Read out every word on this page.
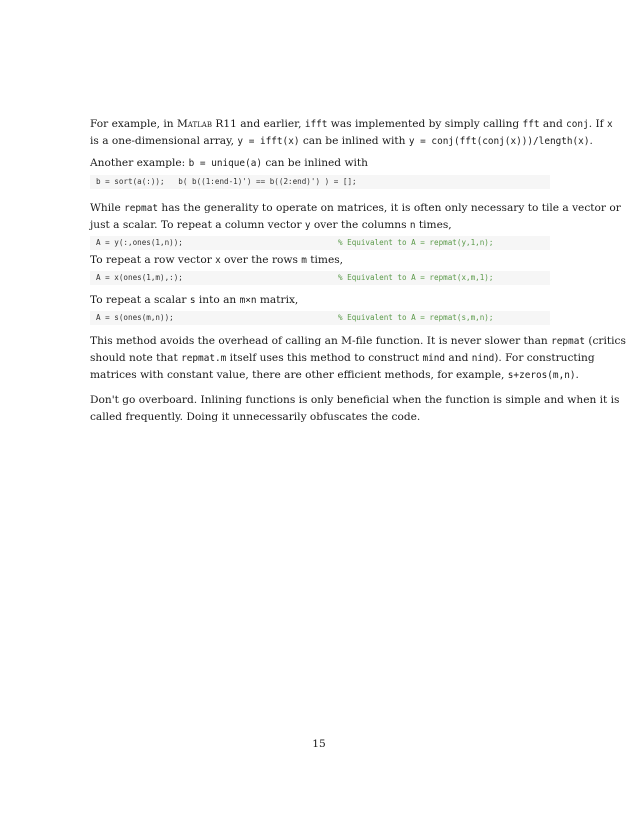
For example, in Matlab R11 and earlier, ifft was implemented by simply calling fft and conj. If x
is a one-dimensional array, y = ifft(x) can be inlined with y = conj(fft(conj(x)))/length(x).
Another example: b = unique(a) can be inlined with

b = sort(a(:));   b( b((1:end-1)') == b((2:end)') ) = [];

While repmat has the generality to operate on matrices, it is often only necessary to tile a vector or
just a scalar. To repeat a column vector y over the columns n times,

A = y(:,ones(1,n));

	% Equivalent to A = repmat(y,1,n);

To repeat a row vector x over the rows m times,

A = x(ones(1,m),:);

	% Equivalent to A = repmat(x,m,1);

To repeat a scalar s into an m×n matrix,

A = s(ones(m,n));

	% Equivalent to A = repmat(s,m,n);

This method avoids the overhead of calling an M-file function. It is never slower than repmat (critics
should note that repmat.m itself uses this method to construct mind and nind). For constructing
matrices with constant value, there are other efficient methods, for example, s+zeros(m,n).
Don't go overboard. Inlining functions is only beneficial when the function is simple and when it is
called frequently. Doing it unnecessarily obfuscates the code.
15
